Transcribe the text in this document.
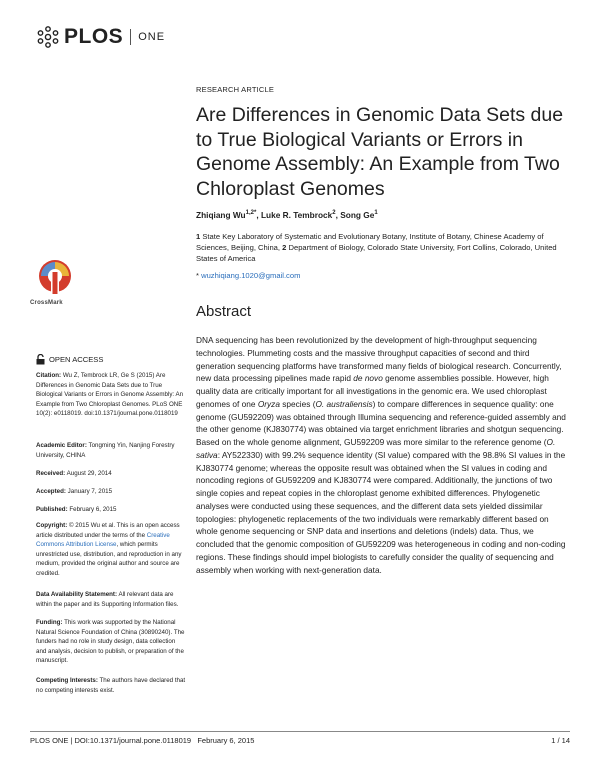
PLOS ONE
RESEARCH ARTICLE
Are Differences in Genomic Data Sets due to True Biological Variants or Errors in Genome Assembly: An Example from Two Chloroplast Genomes
Zhiqiang $Wu^{1,2*}$, Luke R. Tembrock$^2$, Song Ge$^1$
1 State Key Laboratory of Systematic and Evolutionary Botany, Institute of Botany, Chinese Academy of Sciences, Beijing, China, 2 Department of Biology, Colorado State University, Fort Collins, Colorado, United States of America
* wuzhiqiang.1020@gmail.com
CrossMark	Abstract
DNA sequencing has been revolutionized by the development of high-throughput sequencing technologies. Plummeting costs and the massive throughput capacities of second and third generation sequencing platforms have transformed many fields of biological research. Concurrently, new data processing pipelines made rapid de novo genome assemblies possible. However, high quality data are critically important for all investigations in the genomic era. We used chloroplast genomes of one Oryza species (O. australiensis) to compare differences in sequence quality: one genome (GU592209) was obtained through Illumina sequencing and reference-guided assembly and the other genome (KJ830774) was obtained via target enrichment libraries and shotgun sequencing. Based on the whole genome alignment, GU592209 was more similar to the reference genome (O. sativa: AY522330) with 99.2% sequence identity (SI value) compared with the 98.8% SI values in the KJ830774 genome; whereas the opposite result was obtained when the SI values in coding and noncoding regions of GU592209 and KJ830774 were compared. Additionally, the junctions of two single copies and repeat copies in the chloroplast genome exhibited differences. Phylogenetic analyses were conducted using these sequences, and the different data sets yielded dissimilar topologies: phylogenetic replacements of the two individuals were remarkably different based on whole genome sequencing or SNP data and insertions and deletions (indels) data. Thus, we concluded that the genomic composition of GU592209 was heterogeneous in coding and non-coding regions. These findings should impel biologists to carefully consider the quality of sequencing and assembly when working with next-generation data.
OPEN ACCESS
Citation: Wu Z, Tembrock LR, Ge S (2015) Are Differences in Genomic Data Sets due to True Biological Variants or Errors in Genome Assembly: An Example from Two Chloroplast Genomes. PLoS ONE 10(2): e0118019. doi:10.1371/journal.pone.0118019
Academic Editor: Tongming Yin, Nanjing Forestry University, CHINA
Received: August 29, 2014
Accepted: January 7, 2015
Published: February 6, 2015
Copyright: © 2015 Wu et al. This is an open access article distributed under the terms of the Creative Commons Attribution License, which permits unrestricted use, distribution, and reproduction in any medium, provided the original author and source are credited.
Data Availability Statement: All relevant data are within the paper and its Supporting Information files.
Funding: This work was supported by the National Natural Science Foundation of China (30890240). The funders had no role in study design, data collection and analysis, decision to publish, or preparation of the manuscript.
Competing Interests: The authors have declared that no competing interests exist.
PLOS ONE | DOI:10.1371/journal.pone.0118019   February 6, 2015	1 / 14
